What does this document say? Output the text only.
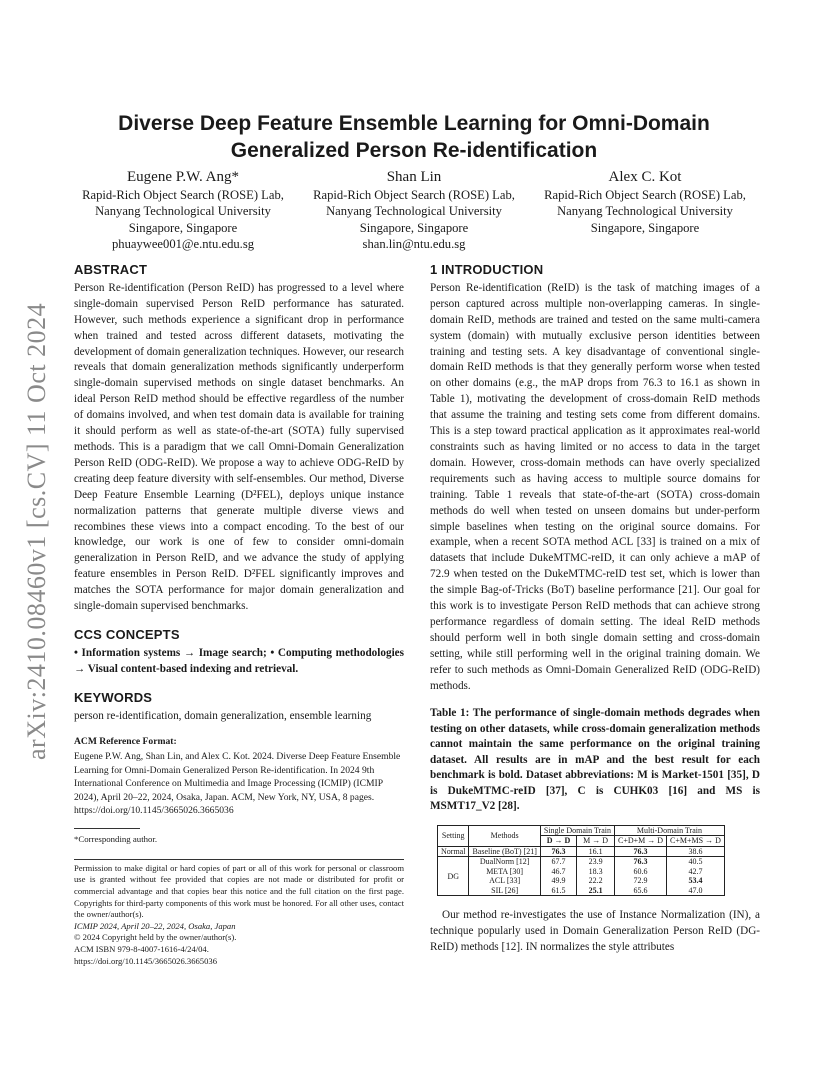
arXiv:2410.08460v1 [cs.CV] 11 Oct 2024
Diverse Deep Feature Ensemble Learning for Omni-Domain Generalized Person Re-identification
Eugene P.W. Ang*
Rapid-Rich Object Search (ROSE) Lab,
Nanyang Technological University
Singapore, Singapore
phuaywee001@e.ntu.edu.sg
Shan Lin
Rapid-Rich Object Search (ROSE) Lab,
Nanyang Technological University
Singapore, Singapore
shan.lin@ntu.edu.sg
Alex C. Kot
Rapid-Rich Object Search (ROSE) Lab,
Nanyang Technological University
Singapore, Singapore
ABSTRACT

Person Re-identification (Person ReID) has progressed to a level where single-domain supervised Person ReID performance has saturated. However, such methods experience a significant drop in performance when trained and tested across different datasets, motivating the development of domain generalization techniques. However, our research reveals that domain generalization methods significantly underperform single-domain supervised methods on single dataset benchmarks. An ideal Person ReID method should be effective regardless of the number of domains involved, and when test domain data is available for training it should perform as well as state-of-the-art (SOTA) fully supervised methods. This is a paradigm that we call Omni-Domain Generalization Person ReID (ODG-ReID). We propose a way to achieve ODG-ReID by creating deep feature diversity with self-ensembles. Our method, Diverse Deep Feature Ensemble Learning (D²FEL), deploys unique instance normalization patterns that generate multiple diverse views and recombines these views into a compact encoding. To the best of our knowledge, our work is one of few to consider omni-domain generalization in Person ReID, and we advance the study of applying feature ensembles in Person ReID. D²FEL significantly improves and matches the SOTA performance for major domain generalization and single-domain supervised benchmarks.

CCS CONCEPTS

• Information systems → Image search; • Computing methodologies → Visual content-based indexing and retrieval.

KEYWORDS

person re-identification, domain generalization, ensemble learning

ACM Reference Format:
Eugene P.W. Ang, Shan Lin, and Alex C. Kot. 2024. Diverse Deep Feature Ensemble Learning for Omni-Domain Generalized Person Re-identification. In 2024 9th International Conference on Multimedia and Image Processing (ICMIP) (ICMIP 2024), April 20–22, 2024, Osaka, Japan. ACM, New York, NY, USA, 8 pages. https://doi.org/10.1145/3665026.3665036
*Corresponding author.
Permission to make digital or hard copies of part or all of this work for personal or classroom use is granted without fee provided that copies are not made or distributed for profit or commercial advantage and that copies bear this notice and the full citation on the first page. Copyrights for third-party components of this work must be honored. For all other uses, contact the owner/author(s).
ICMIP 2024, April 20–22, 2024, Osaka, Japan
© 2024 Copyright held by the owner/author(s).
ACM ISBN 979-8-4007-1616-4/24/04.
https://doi.org/10.1145/3665026.3665036
1 INTRODUCTION

Person Re-identification (ReID) is the task of matching images of a person captured across multiple non-overlapping cameras. In single-domain ReID, methods are trained and tested on the same multi-camera system (domain) with mutually exclusive person identities between training and testing sets. A key disadvantage of conventional single-domain ReID methods is that they generally perform worse when tested on other domains (e.g., the mAP drops from 76.3 to 16.1 as shown in Table 1), motivating the development of cross-domain ReID methods that assume the training and testing sets come from different domains. This is a step toward practical application as it approximates real-world constraints such as having limited or no access to data in the target domain. However, cross-domain methods can have overly specialized requirements such as having access to multiple source domains for training. Table 1 reveals that state-of-the-art (SOTA) cross-domain methods do well when tested on unseen domains but under-perform simple baselines when testing on the original source domains. For example, when a recent SOTA method ACL [33] is trained on a mix of datasets that include DukeMTMC-reID, it can only achieve a mAP of 72.9 when tested on the DukeMTMC-reID test set, which is lower than the simple Bag-of-Tricks (BoT) baseline performance [21]. Our goal for this work is to investigate Person ReID methods that can achieve strong performance regardless of domain setting. The ideal ReID methods should perform well in both single domain setting and cross-domain setting, while still performing well in the original training domain. We refer to such methods as Omni-Domain Generalized ReID (ODG-ReID) methods.

Table 1: The performance of single-domain methods degrades when testing on other datasets, while cross-domain generalization methods cannot maintain the same performance on the original training dataset. All results are in mAP and the best result for each benchmark is bold. Dataset abbreviations: M is Market-1501 [35], D is DukeMTMC-reID [37], C is CUHK03 [16] and MS is MSMT17_V2 [28].
Setting	Methods	Single Domain Train		Multi-Domain Train	
		D → D	M → D	C+D+M → D	C+M+MS → D
Normal	Baseline (BoT) [21]	76.3	16.1	76.3	38.6
DG	DualNorm [12]	67.7	23.9	76.3	40.5
	META [30]	46.7	18.3	60.6	42.7
	ACL [33]	49.9	22.2	72.9	53.4
	SIL [26]	61.5	25.1	65.6	47.0

Our method re-investigates the use of Instance Normalization (IN), a technique popularly used in Domain Generalization Person ReID (DG-ReID) methods [12]. IN normalizes the style attributes
